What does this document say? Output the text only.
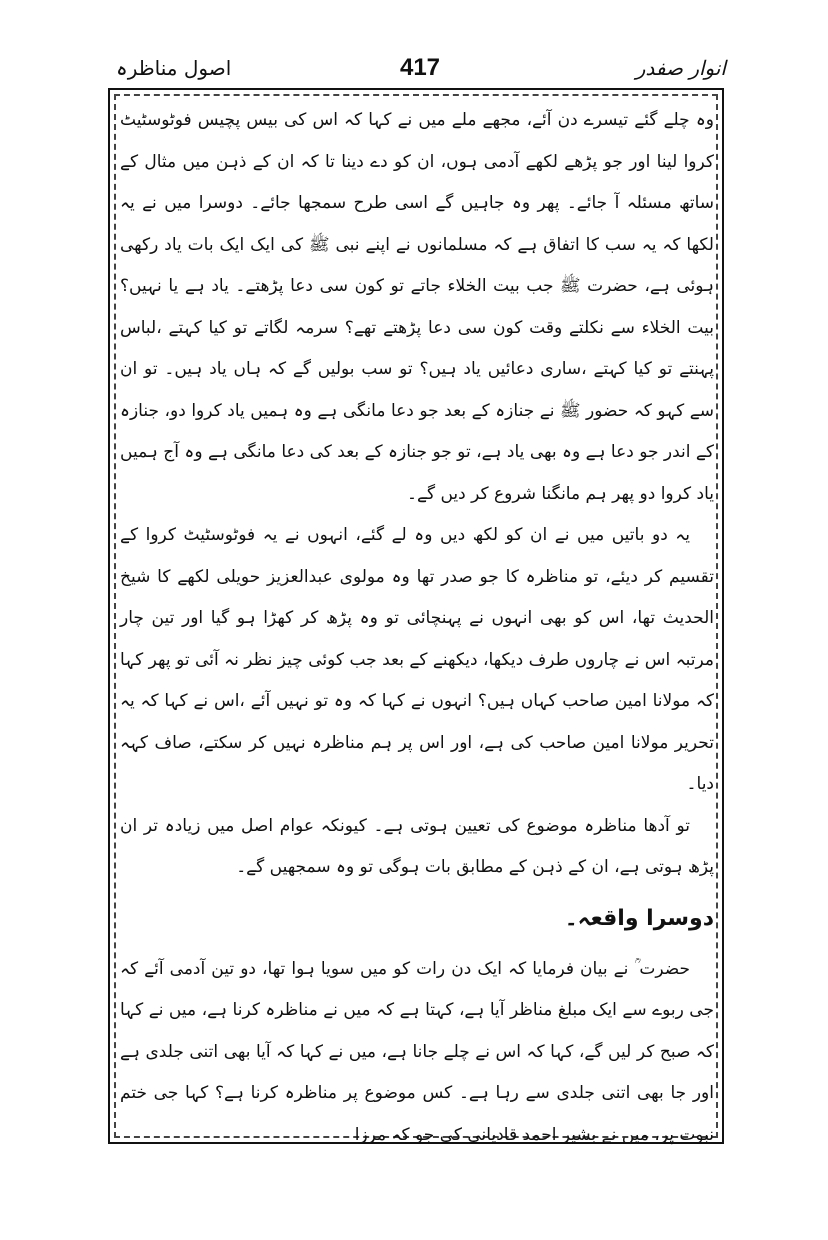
اصول مناظرہ	417	انوار صفدر

وہ چلے گئے تیسرے دن آئے، مجھے ملے میں نے کہا کہ اس کی بیس پچیس فوٹوسٹیٹ کروا لینا اور جو پڑھے لکھے آدمی ہوں، ان کو دے دینا تا کہ ان کے ذہن میں مثال کے ساتھ مسئلہ آ جائے۔ پھر وہ جاہیں گے اسی طرح سمجھا جائے۔ دوسرا میں نے یہ لکھا کہ یہ سب کا اتفاق ہے کہ مسلمانوں نے اپنے نبی ﷺ کی ایک ایک بات یاد رکھی ہوئی ہے، حضرت ﷺ جب بیت الخلاء جاتے تو کون سی دعا پڑھتے۔ یاد ہے یا نہیں؟ بیت الخلاء سے نکلتے وقت کون سی دعا پڑھتے تھے؟ سرمہ لگاتے تو کیا کہتے ،لباس پہنتے تو کیا کہتے ،ساری دعائیں یاد ہیں؟ تو سب بولیں گے کہ ہاں یاد ہیں۔ تو ان سے کہو کہ حضور ﷺ نے جنازہ کے بعد جو دعا مانگی ہے وہ ہمیں یاد کروا دو، جنازہ کے اندر جو دعا ہے وہ بھی یاد ہے، تو جو جنازہ کے بعد کی دعا مانگی ہے وہ آج ہمیں یاد کروا دو پھر ہم مانگنا شروع کر دیں گے۔

یہ دو باتیں میں نے ان کو لکھ دیں وہ لے گئے، انہوں نے یہ فوٹوسٹیٹ کروا کے تقسیم کر دیئے، تو مناظرہ کا جو صدر تھا وہ مولوی عبدالعزیز حویلی لکھے کا شیخ الحدیث تھا، اس کو بھی انہوں نے پہنچائی تو وہ پڑھ کر کھڑا ہو گیا اور تین چار مرتبہ اس نے چاروں طرف دیکھا، دیکھنے کے بعد جب کوئی چیز نظر نہ آئی تو پھر کہا کہ مولانا امین صاحب کہاں ہیں؟ انہوں نے کہا کہ وہ تو نہیں آئے ،اس نے کہا کہ یہ تحریر مولانا امین صاحب کی ہے، اور اس پر ہم مناظرہ نہیں کر سکتے، صاف کہہ دیا۔

تو آدھا مناظرہ موضوع کی تعیین ہوتی ہے۔ کیونکہ عوام اصل میں زیادہ تر ان پڑھ ہوتی ہے، ان کے ذہن کے مطابق بات ہوگی تو وہ سمجھیں گے۔

دوسرا واقعہ۔

حضرت ؒ نے بیان فرمایا کہ ایک دن رات کو میں سویا ہوا تھا، دو تین آدمی آئے کہ جی ربوے سے ایک مبلغ مناظر آیا ہے، کہتا ہے کہ میں نے مناظرہ کرنا ہے، میں نے کہا کہ صبح کر لیں گے، کہا کہ اس نے چلے جانا ہے، میں نے کہا کہ آیا بھی اتنی جلدی ہے اور جا بھی اتنی جلدی سے رہا ہے۔ کس موضوع پر مناظرہ کرنا ہے؟ کہا جی ختم نبوت پر، میں نے بشیر احمد قادیانی کی جو کہ مرزا
